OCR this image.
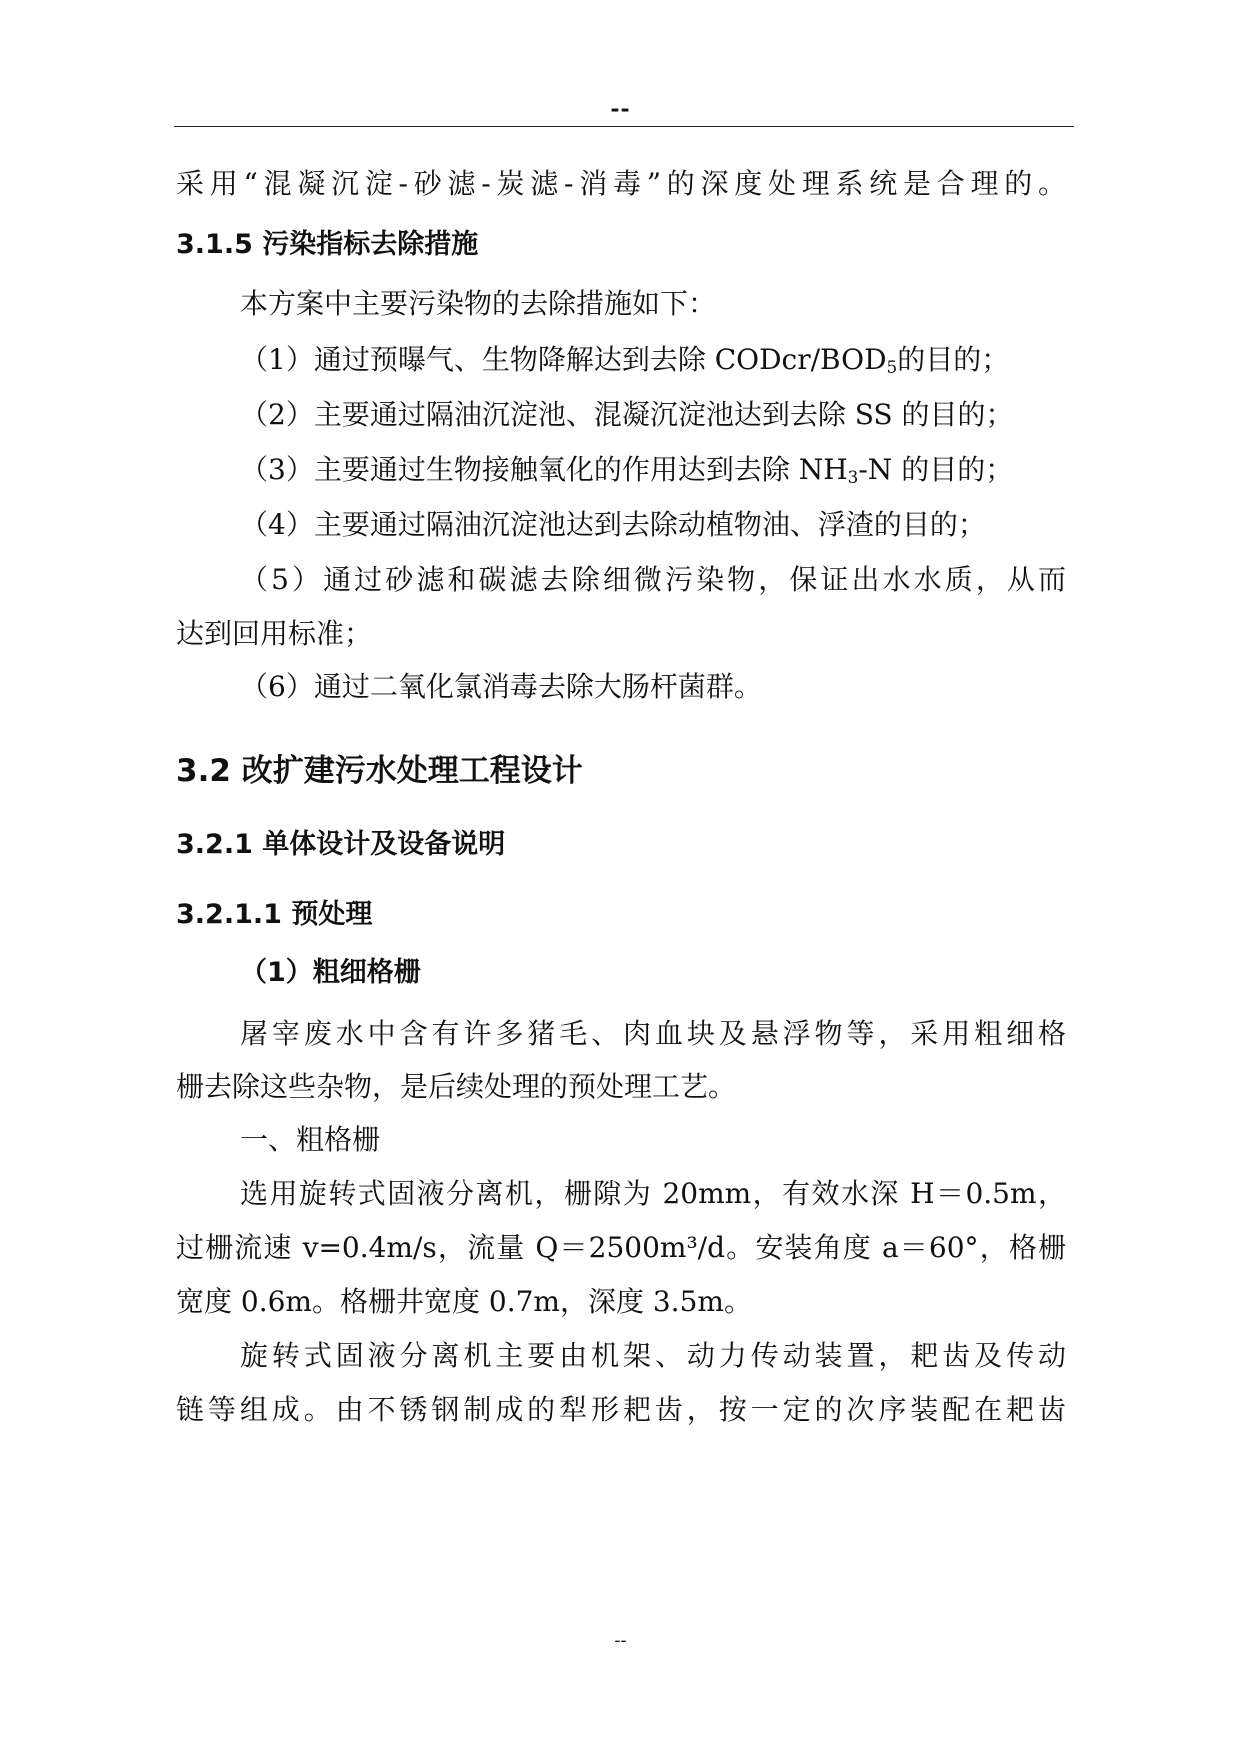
--
采用“混凝沉淀-砂滤-炭滤-消毒”的深度处理系统是合理的。
3.1.5 污染指标去除措施
本方案中主要污染物的去除措施如下：
（1）通过预曝气、生物降解达到去除 CODcr/$BOD_5$的目的；
（2）主要通过隔油沉淀池、混凝沉淀池达到去除 SS 的目的；
（3）主要通过生物接触氧化的作用达到去除 $NH_3-N$ 的目的；
（4）主要通过隔油沉淀池达到去除动植物油、浮渣的目的；
（5）通过砂滤和碳滤去除细微污染物，保证出水水质，从而
达到回用标准；
（6）通过二氧化氯消毒去除大肠杆菌群。
3.2 改扩建污水处理工程设计
3.2.1 单体设计及设备说明
3.2.1.1 预处理
（1）粗细格栅
屠宰废水中含有许多猪毛、肉血块及悬浮物等，采用粗细格
栅去除这些杂物，是后续处理的预处理工艺。
一、粗格栅
选用旋转式固液分离机，栅隙为 20mm，有效水深 H＝0.5m，
过栅流速 v=0.4m/s，流量 Q＝2500m³/d。安装角度 a＝60°，格栅
宽度 0.6m。格栅井宽度 0.7m，深度 3.5m。
旋转式固液分离机主要由机架、动力传动装置，耙齿及传动
链等组成。由不锈钢制成的犁形耙齿，按一定的次序装配在耙齿
--
